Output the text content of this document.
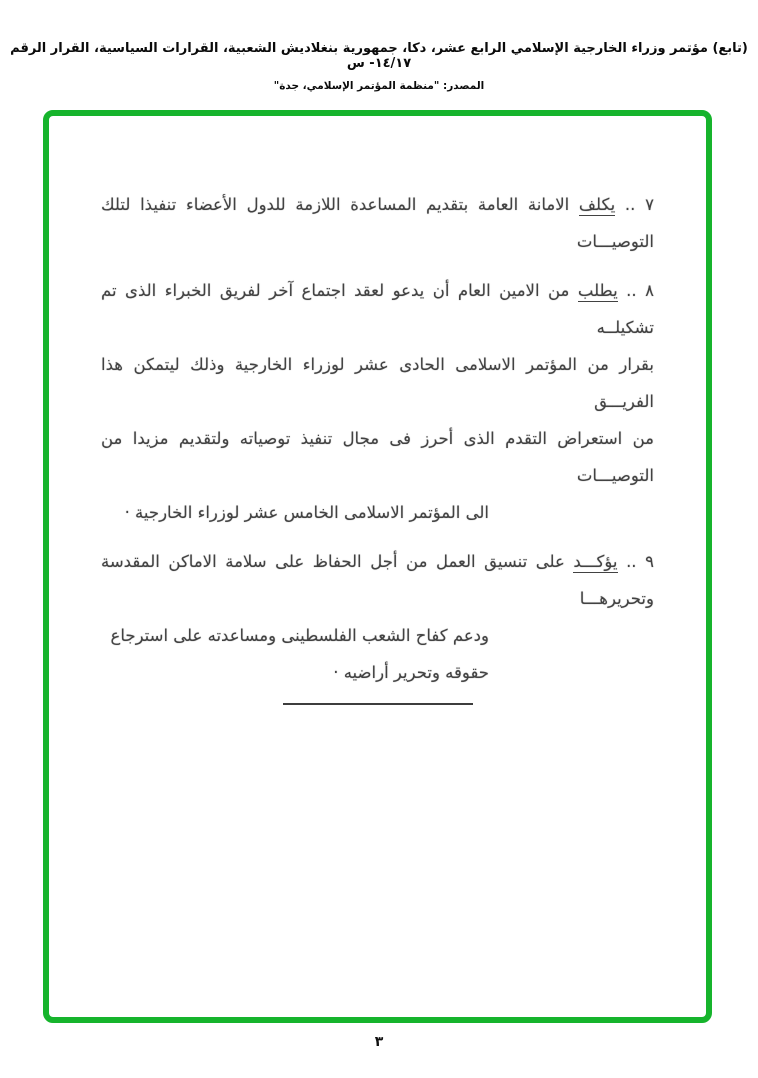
(تابع) مؤتمر وزراء الخارجية الإسلامي الرابع عشر، دكا، جمهورية بنغلاديش الشعبية، القرارات السياسية، القرار الرقم ١٤/١٧- س
المصدر: "منظمة المؤتمر الإسلامي، جدة"
٧ .. يكلف الامانة العامة بتقديم المساعدة اللازمة للدول الأعضاء تنفيذا لتلك التوصيـــات
٨ .. يطلب من الامين العام أن يدعو لعقد اجتماع آخر لفريق الخبراء الذى تم تشكيلــه
بقرار من المؤتمر الاسلامى الحادى عشر لوزراء الخارجية وذلك ليتمكن هذا الفريـــق
من استعراض التقدم الذى أحرز فى مجال تنفيذ توصياته ولتقديم مزيدا من التوصيـــات
الى المؤتمر الاسلامى الخامس عشر لوزراء الخارجية ·
٩ .. يؤكـــد على تنسيق العمل من أجل الحفاظ على سلامة الاماكن المقدسة وتحريرهـــا
ودعم كفاح الشعب الفلسطينى ومساعدته على استرجاع حقوقه وتحرير أراضيه ·
٣
